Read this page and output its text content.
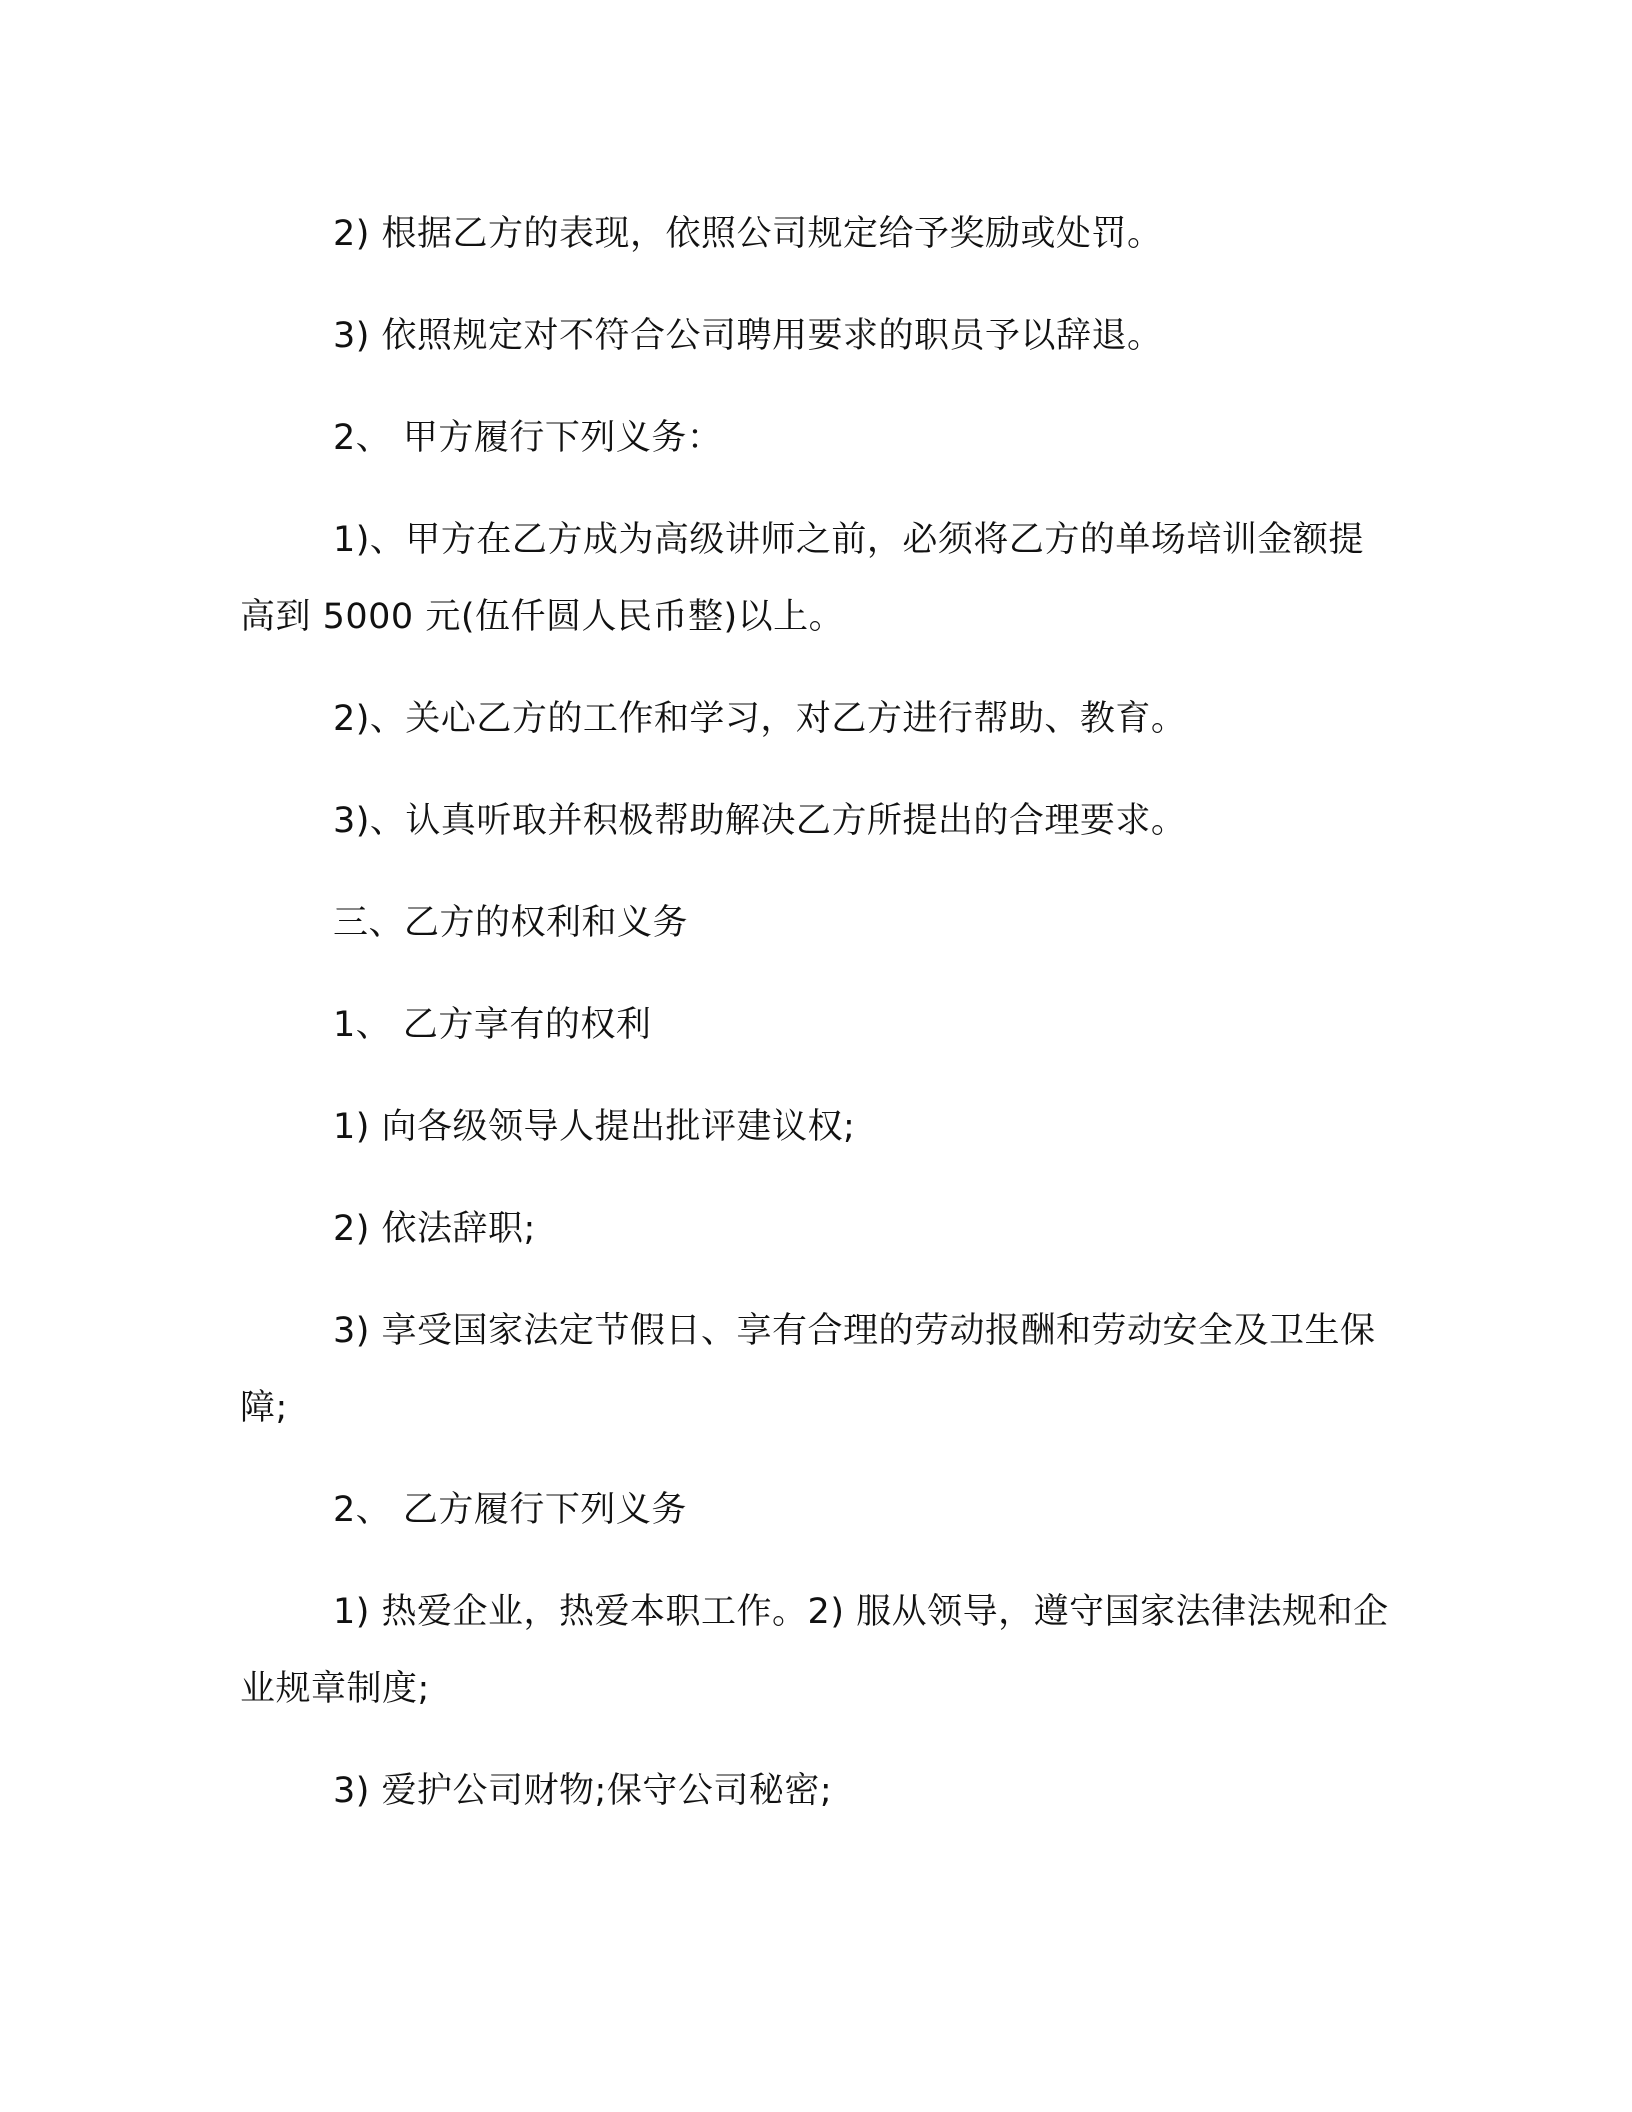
2) 根据乙方的表现，依照公司规定给予奖励或处罚。

3) 依照规定对不符合公司聘用要求的职员予以辞退。

2、 甲方履行下列义务：

1)、甲方在乙方成为高级讲师之前，必须将乙方的单场培训金额提高到 5000 元(伍仟圆人民币整)以上。

2)、关心乙方的工作和学习，对乙方进行帮助、教育。

3)、认真听取并积极帮助解决乙方所提出的合理要求。

三、乙方的权利和义务

1、 乙方享有的权利

1) 向各级领导人提出批评建议权;

2) 依法辞职;

3) 享受国家法定节假日、享有合理的劳动报酬和劳动安全及卫生保障;

2、 乙方履行下列义务

1) 热爱企业，热爱本职工作。2) 服从领导，遵守国家法律法规和企业规章制度;

3) 爱护公司财物;保守公司秘密;
